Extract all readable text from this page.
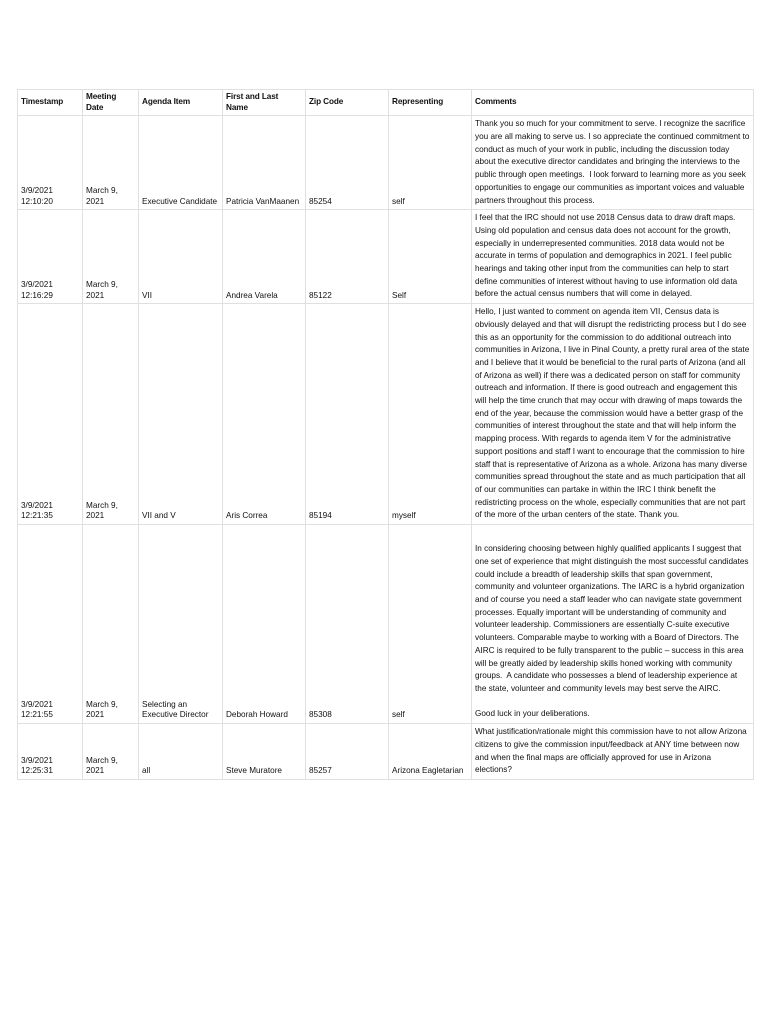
Timestamp	Meeting Date	Agenda Item	First and Last Name	Zip Code	Representing	Comments
3/9/2021 12:10:20	March 9, 2021	Executive Candidate	Patricia VanMaanen	85254	self	Thank you so much for your commitment to serve. I recognize the sacrifice you are all making to serve us. I so appreciate the continued commitment to conduct as much of your work in public, including the discussion today about the executive director candidates and bringing the interviews to the public through open meetings.  I look forward to learning more as you seek opportunities to engage our communities as important voices and valuable partners throughout this process.
3/9/2021 12:16:29	March 9, 2021	VII	Andrea Varela	85122	Self	I feel that the IRC should not use 2018 Census data to draw draft maps. Using old population and census data does not account for the growth, especially in underrepresented communities. 2018 data would not be accurate in terms of population and demographics in 2021. I feel public hearings and taking other input from the communities can help to start define communities of interest without having to use information old data before the actual census numbers that will come in delayed.
3/9/2021 12:21:35	March 9, 2021	VII and V	Aris Correa	85194	myself	Hello, I just wanted to comment on agenda item VII, Census data is obviously delayed and that will disrupt the redistricting process but I do see this as an opportunity for the commission to do additional outreach into communities in Arizona, I live in Pinal County, a pretty rural area of the state and I believe that it would be beneficial to the rural parts of Arizona (and all of Arizona as well) if there was a dedicated person on staff for community outreach and information. If there is good outreach and engagement this will help the time crunch that may occur with drawing of maps towards the end of the year, because the commission would have a better grasp of the communities of interest throughout the state and that will help inform the mapping process. With regards to agenda item V for the administrative support positions and staff I want to encourage that the commission to hire staff that is representative of Arizona as a whole. Arizona has many diverse communities spread throughout the state and as much participation that all of our communities can partake in within the IRC I think benefit the redistricting process on the whole, especially communities that are not part of the more of the urban centers of the state. Thank you.
3/9/2021 12:21:55	March 9, 2021	Selecting an Executive Director	Deborah Howard	85308	self	In considering choosing between highly qualified applicants I suggest that one set of experience that might distinguish the most successful candidates could include a breadth of leadership skills that span government, community and volunteer organizations. The IARC is a hybrid organization and of course you need a staff leader who can navigate state government processes. Equally important will be understanding of community and volunteer leadership. Commissioners are essentially C-suite executive volunteers. Comparable maybe to working with a Board of Directors. The AIRC is required to be fully transparent to the public – success in this area will be greatly aided by leadership skills honed working with community groups.  A candidate who possesses a blend of leadership experience at the state, volunteer and community levels may best serve the AIRC.

Good luck in your deliberations.
3/9/2021 12:25:31	March 9, 2021	all	Steve Muratore	85257	Arizona Eagletarian	What justification/rationale might this commission have to not allow Arizona citizens to give the commission input/feedback at ANY time between now and when the final maps are officially approved for use in Arizona elections?
